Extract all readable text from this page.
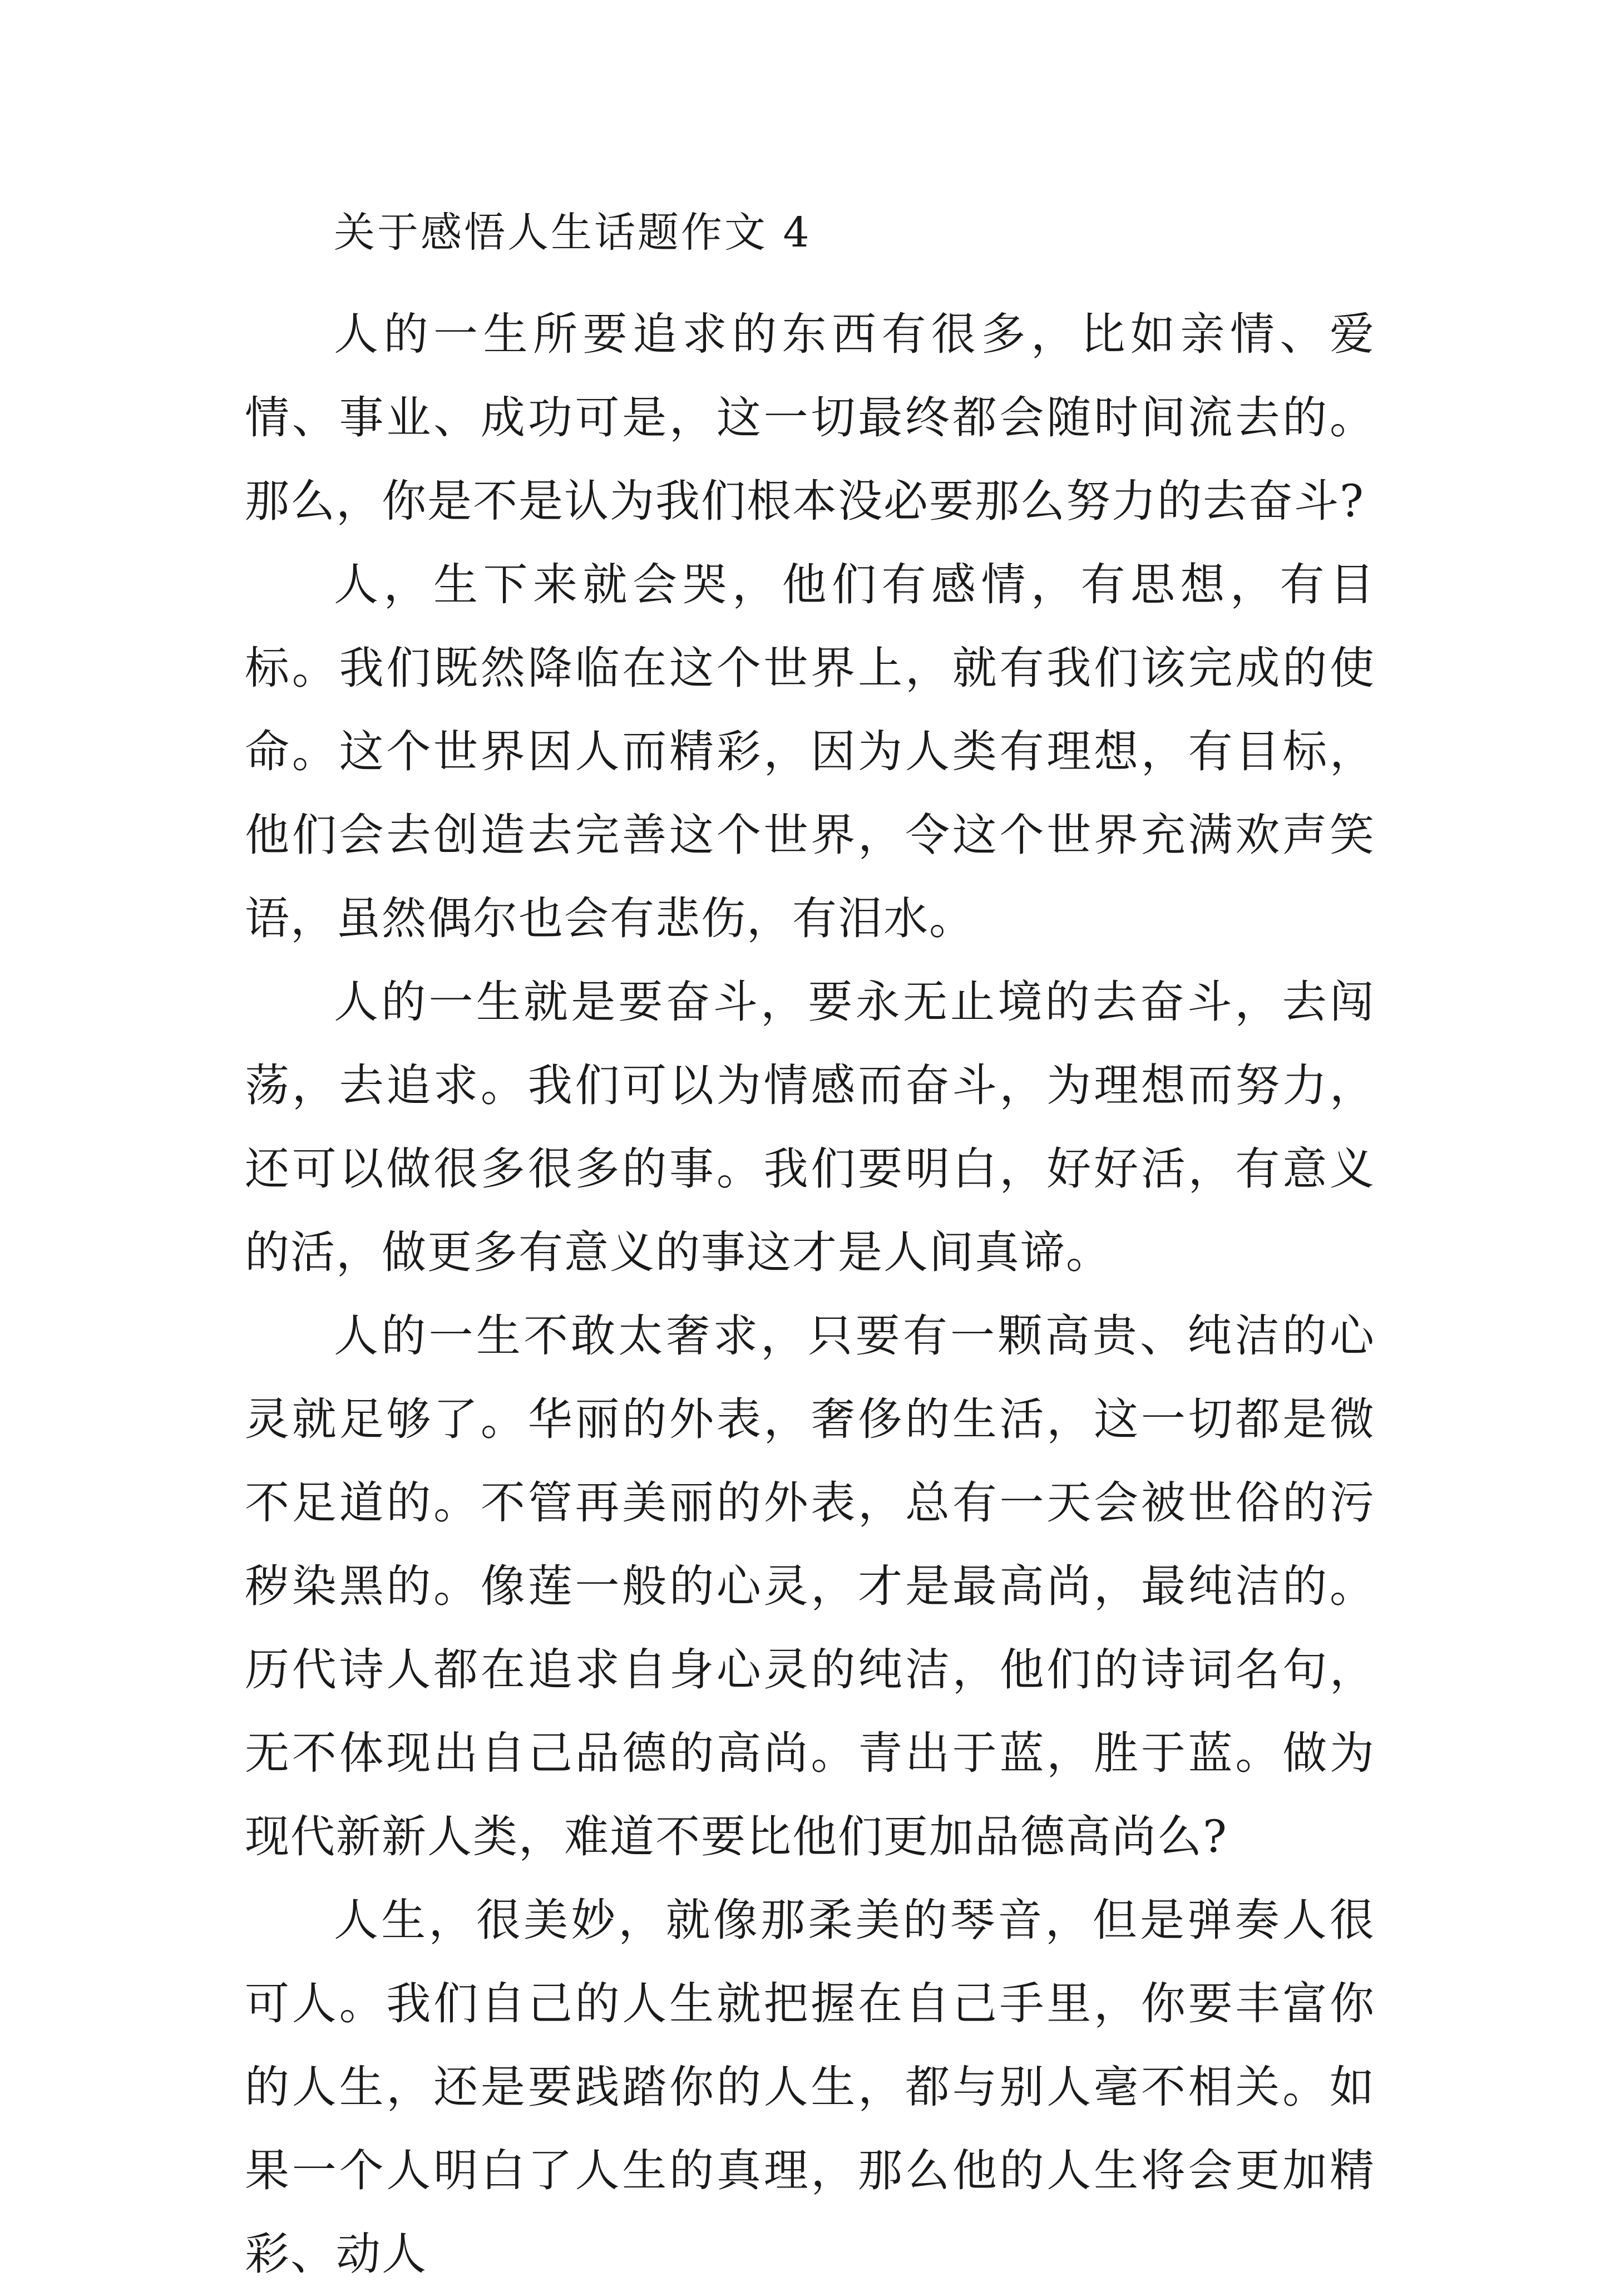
关于感悟人生话题作文 4

人的一生所要追求的东西有很多，比如亲情、爱情、事业、成功可是，这一切最终都会随时间流去的。那么，你是不是认为我们根本没必要那么努力的去奋斗?

人，生下来就会哭，他们有感情，有思想，有目标。我们既然降临在这个世界上，就有我们该完成的使命。这个世界因人而精彩，因为人类有理想，有目标，他们会去创造去完善这个世界，令这个世界充满欢声笑语，虽然偶尔也会有悲伤，有泪水。

人的一生就是要奋斗，要永无止境的去奋斗，去闯荡，去追求。我们可以为情感而奋斗，为理想而努力，还可以做很多很多的事。我们要明白，好好活，有意义的活，做更多有意义的事这才是人间真谛。

人的一生不敢太奢求，只要有一颗高贵、纯洁的心灵就足够了。华丽的外表，奢侈的生活，这一切都是微不足道的。不管再美丽的外表，总有一天会被世俗的污秽染黑的。像莲一般的心灵，才是最高尚，最纯洁的。历代诗人都在追求自身心灵的纯洁，他们的诗词名句，无不体现出自己品德的高尚。青出于蓝，胜于蓝。做为现代新新人类，难道不要比他们更加品德高尚么?

人生，很美妙，就像那柔美的琴音，但是弹奏人很可人。我们自己的人生就把握在自己手里，你要丰富你的人生，还是要践踏你的人生，都与别人毫不相关。如果一个人明白了人生的真理，那么他的人生将会更加精彩、动人
